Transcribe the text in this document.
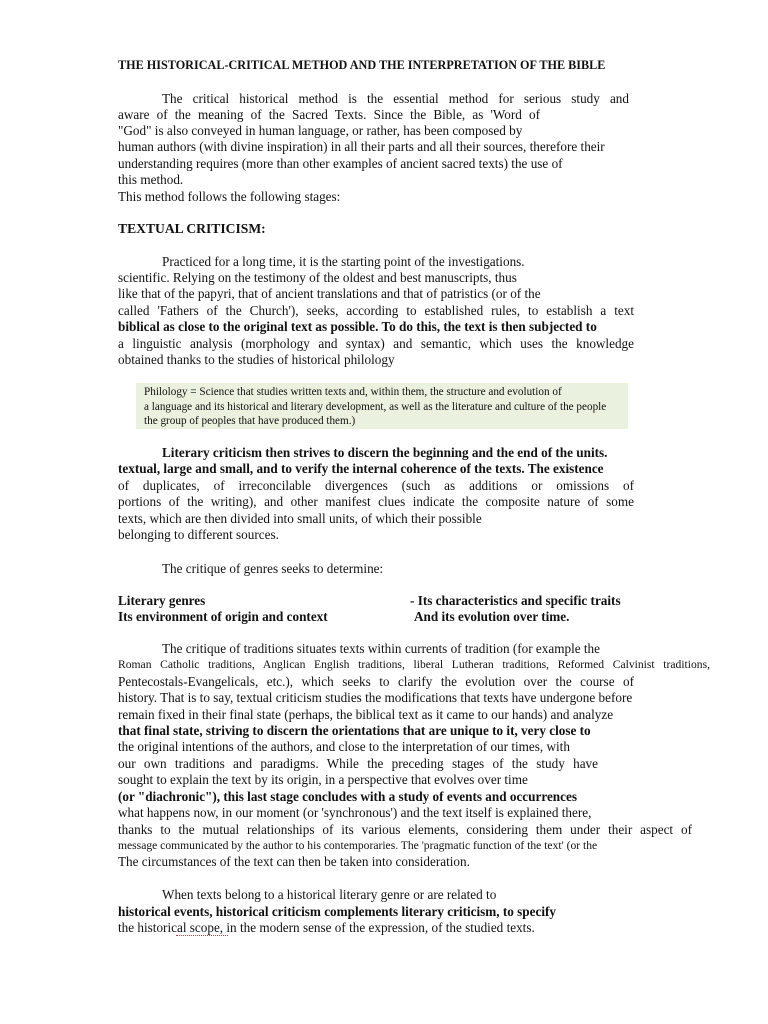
THE HISTORICAL-CRITICAL METHOD AND THE INTERPRETATION OF THE BIBLE
The critical historical method is the essential method for serious study and
aware of the meaning of the Sacred Texts. Since the Bible, as 'Word of
"God" is also conveyed in human language, or rather, has been composed by
human authors (with divine inspiration) in all their parts and all their sources, therefore their
understanding requires (more than other examples of ancient sacred texts) the use of
this method.
This method follows the following stages:
TEXTUAL CRITICISM:
Practiced for a long time, it is the starting point of the investigations.
scientific. Relying on the testimony of the oldest and best manuscripts, thus
like that of the papyri, that of ancient translations and that of patristics (or of the
called 'Fathers of the Church'), seeks, according to established rules, to establish a text
biblical as close to the original text as possible. To do this, the text is then subjected to
a linguistic analysis (morphology and syntax) and semantic, which uses the knowledge
obtained thanks to the studies of historical philology
Philology = Science that studies written texts and, within them, the structure and evolution of
a language and its historical and literary development, as well as the literature and culture of the people
the group of peoples that have produced them.)
Literary criticism then strives to discern the beginning and the end of the units.
textual, large and small, and to verify the internal coherence of the texts. The existence
of duplicates, of irreconcilable divergences (such as additions or omissions of
portions of the writing), and other manifest clues indicate the composite nature of some
texts, which are then divided into small units, of which their possible
belonging to different sources.
The critique of genres seeks to determine:
Literary genres
Its environment of origin and context
- Its characteristics and specific traits
And its evolution over time.
The critique of traditions situates texts within currents of tradition (for example the
Roman Catholic traditions, Anglican English traditions, liberal Lutheran traditions, Reformed Calvinist traditions,
Pentecostals-Evangelicals, etc.), which seeks to clarify the evolution over the course of
history. That is to say, textual criticism studies the modifications that texts have undergone before
remain fixed in their final state (perhaps, the biblical text as it came to our hands) and analyze
that final state, striving to discern the orientations that are unique to it, very close to
the original intentions of the authors, and close to the interpretation of our times, with
our own traditions and paradigms. While the preceding stages of the study have
sought to explain the text by its origin, in a perspective that evolves over time
(or "diachronic"), this last stage concludes with a study of events and occurrences
what happens now, in our moment (or 'synchronous') and the text itself is explained there,
thanks to the mutual relationships of its various elements, considering them under their aspect of
message communicated by the author to his contemporaries. The 'pragmatic function of the text' (or the
The circumstances of the text can then be taken into consideration.
When texts belong to a historical literary genre or are related to
historical events, historical criticism complements literary criticism, to specify
the historical scope, in the modern sense of the expression, of the studied texts.
